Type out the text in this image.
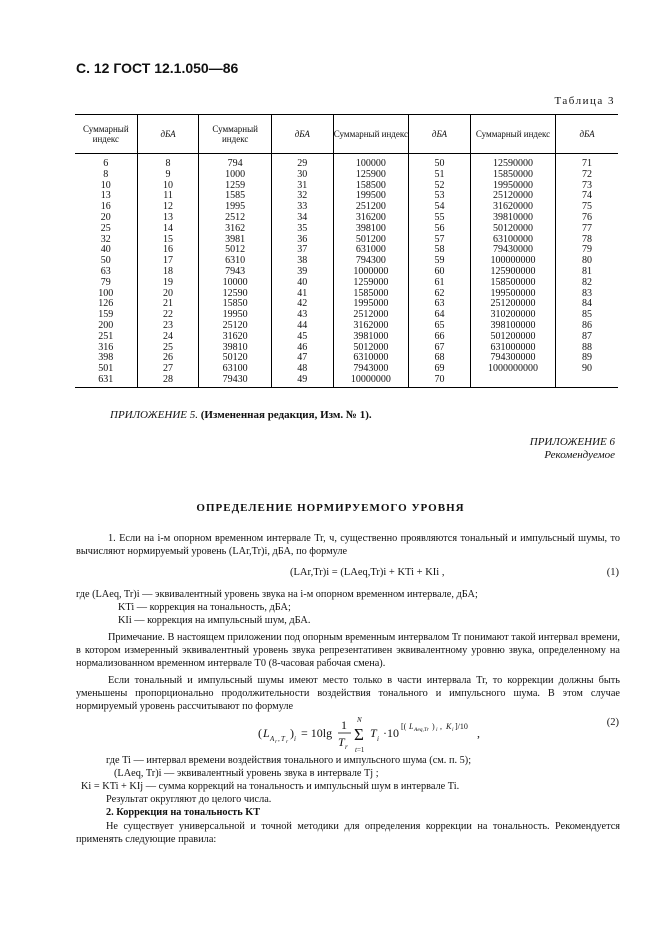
С. 12 ГОСТ 12.1.050—86
Таблица 3
Суммарный индекс	дБА	Суммарный индекс	дБА	Суммарный индекс	дБА	Суммарный индекс	дБА
6	8	794	29	100000	50	12590000	71
8	9	1000	30	125900	51	15850000	72
10	10	1259	31	158500	52	19950000	73
13	11	1585	32	199500	53	25120000	74
16	12	1995	33	251200	54	31620000	75
20	13	2512	34	316200	55	39810000	76
25	14	3162	35	398100	56	50120000	77
32	15	3981	36	501200	57	63100000	78
40	16	5012	37	631000	58	79430000	79
50	17	6310	38	794300	59	100000000	80
63	18	7943	39	1000000	60	125900000	81
79	19	10000	40	1259000	61	158500000	82
100	20	12590	41	1585000	62	199500000	83
126	21	15850	42	1995000	63	251200000	84
159	22	19950	43	2512000	64	310200000	85
200	23	25120	44	3162000	65	398100000	86
251	24	31620	45	3981000	66	501200000	87
316	25	39810	46	5012000	67	631000000	88
398	26	50120	47	6310000	68	794300000	89
501	27	63100	48	7943000	69	1000000000	90
631	28	79430	49	10000000	70		
ПРИЛОЖЕНИЕ 5. (Измененная редакция, Изм. № 1).
ПРИЛОЖЕНИЕ 6
Рекомендуемое
ОПРЕДЕЛЕНИЕ НОРМИРУЕМОГО УРОВНЯ
1. Если на i-м опорном временном интервале Tr, ч, существенно проявляются тональный и импульсный шумы, то вычисляют нормируемый уровень (LAr,Tr)i, дБА, по формуле
(LAr,Tr)i = (LAeq,Tr)i + KTi + KIi ,	(1)
где (LAeq, Tr)i — эквивалентный уровень звука на i-м опорном временном интервале, дБА;
KTi — коррекция на тональность, дБА;
KIi — коррекция на импульсный шум, дБА.
Примечание. В настоящем приложении под опорным временным интервалом Tr понимают такой интервал времени, в котором измеренный эквивалентный уровень звука репрезентативен эквивалентному уровню звука, определенному на нормализованном временном интервале T0 (8-часовая рабочая смена).
Если тональный и импульсный шумы имеют место только в части интервала Tr, то коррекции должны быть уменьшены пропорционально продолжительности воздействия тонального и импульсного шума. В этом случае нормируемый уровень рассчитывают по формуле
( L A r , T r
) i = 10lg
1
T r
N
Σ
t=1
T i ·10 [( L Aeq,Tr ) i , K i ]/10 ,
(2)
где Ti — интервал времени воздействия тонального и импульсного шума (см. п. 5);
(LAeq, Tr)i — эквивалентный уровень звука в интервале Tj ;
Ki = KTi + KIj — сумма коррекций на тональность и импульсный шум в интервале Ti.
Результат округляют до целого числа.
2. Коррекция на тональность KT
Не существует универсальной и точной методики для определения коррекции на тональность. Рекомендуется применять следующие правила:
